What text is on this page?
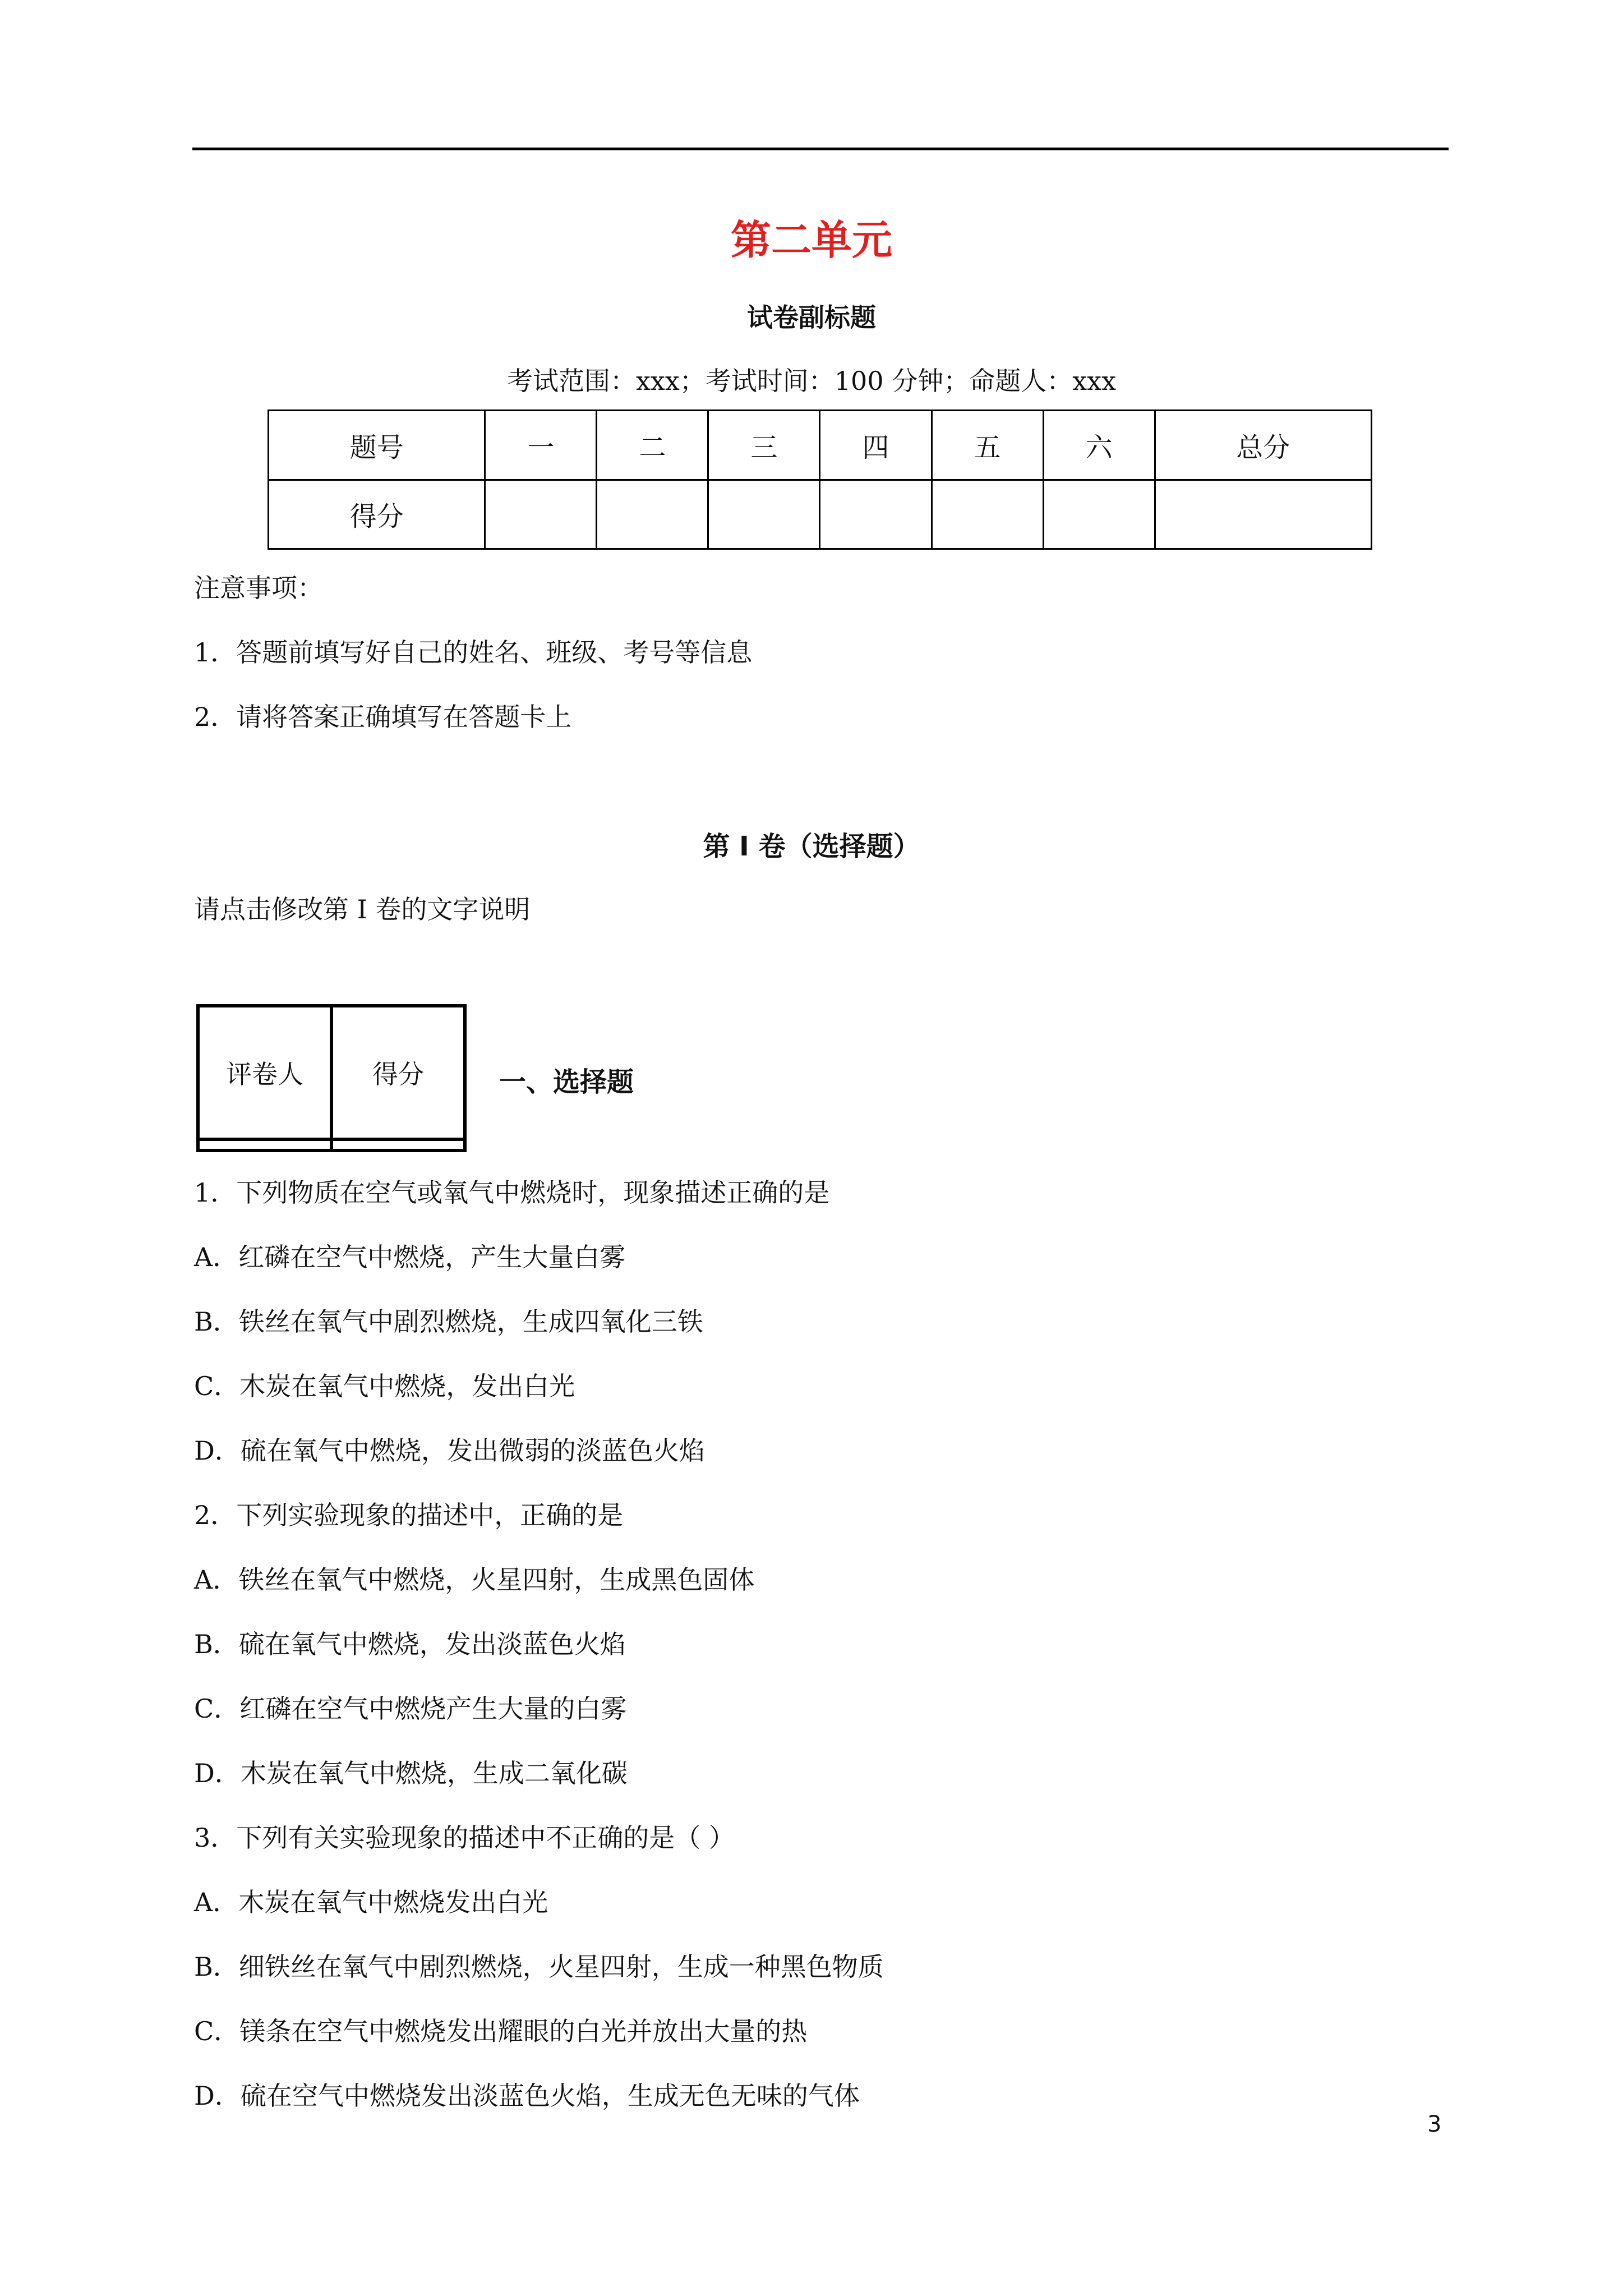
第二单元
试卷副标题
考试范围：xxx；考试时间：100 分钟；命题人：xxx
题号	一	二	三	四	五	六	总分
得分							
注意事项：
1．答题前填写好自己的姓名、班级、考号等信息
2．请将答案正确填写在答题卡上
第 I 卷（选择题）
请点击修改第 I 卷的文字说明
评卷人	得分
		一、选择题
1．下列物质在空气或氧气中燃烧时，现象描述正确的是
A．红磷在空气中燃烧，产生大量白雾
B．铁丝在氧气中剧烈燃烧，生成四氧化三铁
C．木炭在氧气中燃烧，发出白光
D．硫在氧气中燃烧，发出微弱的淡蓝色火焰
2．下列实验现象的描述中，正确的是
A．铁丝在氧气中燃烧，火星四射，生成黑色固体
B．硫在氧气中燃烧，发出淡蓝色火焰
C．红磷在空气中燃烧产生大量的白雾
D．木炭在氧气中燃烧，生成二氧化碳
3．下列有关实验现象的描述中不正确的是（ ）
A．木炭在氧气中燃烧发出白光
B．细铁丝在氧气中剧烈燃烧，火星四射，生成一种黑色物质
C．镁条在空气中燃烧发出耀眼的白光并放出大量的热
D．硫在空气中燃烧发出淡蓝色火焰，生成无色无味的气体
3
